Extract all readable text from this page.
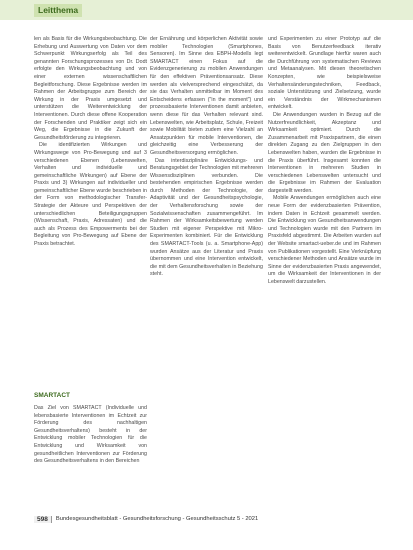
Leitthema

len als Basis für die Wirkungsbeobachtung. Die Erhebung und Auswertung von Daten vor dem Schwerpunkt Wirkungserfolg als Teil des genannten Forschungsprozesses von Dr. Dodt erfolgte den Wirkungsbeobachtung und von einer externen wissenschaftlichen Begleitforschung. Diese Ergebnisse werden im Rahmen der Arbeitsgruppe zum Bereich der Wirkung in der Praxis umgesetzt und unterstützen die Weiterentwicklung der Interventionen. Durch diese offene Kooperation der Forschenden und Praktiker zeigt sich ein Weg, die Ergebnisse in die Zukunft der Gesundheitsförderung zu integrieren.

Die identifizierten Wirkungen und Wirkungswege von Pro-Bewegung und auf 3 verschiedenen Ebenen (Lebenswelten, Verhalten und individuelle und gemeinschaftliche Wirkungen) auf Ebene der Praxis und 3) Wirkungen auf individueller und gemeinschaftlicher Ebene wurde beschrieben in der Form von methodologischer Transfer-Strategie der Akteure und Perspektiven der unterschiedlichen Beteiligungsgruppen (Wissenschaft, Praxis, Adressaten) und die auch als Prozess des Empowerments bei der Begleitung von Pro-Bewegung auf Ebene der Praxis betrachtet.

SMARTACT

Das Ziel von SMARTACT (Individuelle und lebensbasierte Interventionen im Echtzeit zur Förderung des nachhaltigen Gesundheitsverhaltens) besteht in der Entwicklung mobiler Technologien für die Entwicklung und Wirksamkeit von gesundheitlichen Interventionen zur Förderung des Gesundheitsverhaltens in den Bereichen

der Ernährung und körperlichen Aktivität sowie mobiler Technologien (Smartphones, Sensoren). Im Sinne des EBPH-Modells legt SMARTACT einen Fokus auf die Evidenzgenerierung zu mobilen Anwendungen für den effektiven Präventionsansatz. Diese werden als vielversprechend eingeschätzt, da sie das Verhalten unmittelbar im Moment des Entscheidens erfassen ("in the moment") und prozessbasierte Interventionen damit anbieten, wenn diese für das Verhalten relevant sind. Lebenswelten, wie Arbeitsplatz, Schule, Freizeit sowie Mobilität bieten zudem eine Vielzahl an Ansatzpunkten für mobile Interventionen, die gleichzeitig eine Verbesserung der Gesundheitsversorgung ermöglichen.

Das interdisziplinäre Entwicklungs- und Beratungsgebiet der Technologien mit mehreren Wissensdisziplinen verbunden. Die bestehenden empirischen Ergebnisse werden durch Methoden der Technologie, der Adaptivität und der Gesundheitspsychologie, der Verhaltensforschung sowie der Sozialwissenschaften zusammengeführt. Im Rahmen der Wirksamkeitsbewertung werden Studien mit eigener Perspektive mit Mikro-Experimenten kombiniert. Für die Entwicklung des SMARTACT-Tools (u. a. Smartphone-App) wurden Ansätze aus der Literatur und Praxis übernommen und eine Intervention entwickelt, die mit dem Gesundheitsverhalten in Beziehung steht.

und Experimenten zu einer Prototyp auf die Basis von Benutzerfeedback iterativ weiterentwickelt. Grundlage hierfür waren auch die Durchführung von systematischen Reviews und Metaanalysen. Mit diesen theoretischen Konzepten, wie beispielsweise Verhaltensänderungstechniken, Feedback, soziale Unterstützung und Zielsetzung, wurde ein Verständnis der Wirkmechanismen entwickelt.

Die Anwendungen wurden in Bezug auf die Nutzerfreundlichkeit, Akzeptanz und Wirksamkeit optimiert. Durch die Zusammenarbeit mit Praxispartnern, die einen direkten Zugang zu den Zielgruppen in den Lebenswelten haben, wurden die Ergebnisse in die Praxis überführt. Insgesamt konnten die Interventionen in mehreren Studien in verschiedenen Lebenswelten untersucht und die Ergebnisse im Rahmen der Evaluation dargestellt werden.

Mobile Anwendungen ermöglichen auch eine neue Form der evidenzbasierten Prävention, indem Daten in Echtzeit gesammelt werden. Die Entwicklung von Gesundheitsanwendungen und Technologien wurde mit den Partnern im Praxisfeld abgestimmt. Die Arbeiten wurden auf der Website smartact-ueber.de und im Rahmen von Publikationen vorgestellt. Eine Verknüpfung verschiedener Methoden und Ansätze wurde im Sinne der evidenzbasierten Praxis angewendet, um die Wirksamkeit der Interventionen in der Lebenswelt darzustellen.

598	Bundesgesundheitsblatt - Gesundheitsforschung - Gesundheitsschutz 5 - 2021
